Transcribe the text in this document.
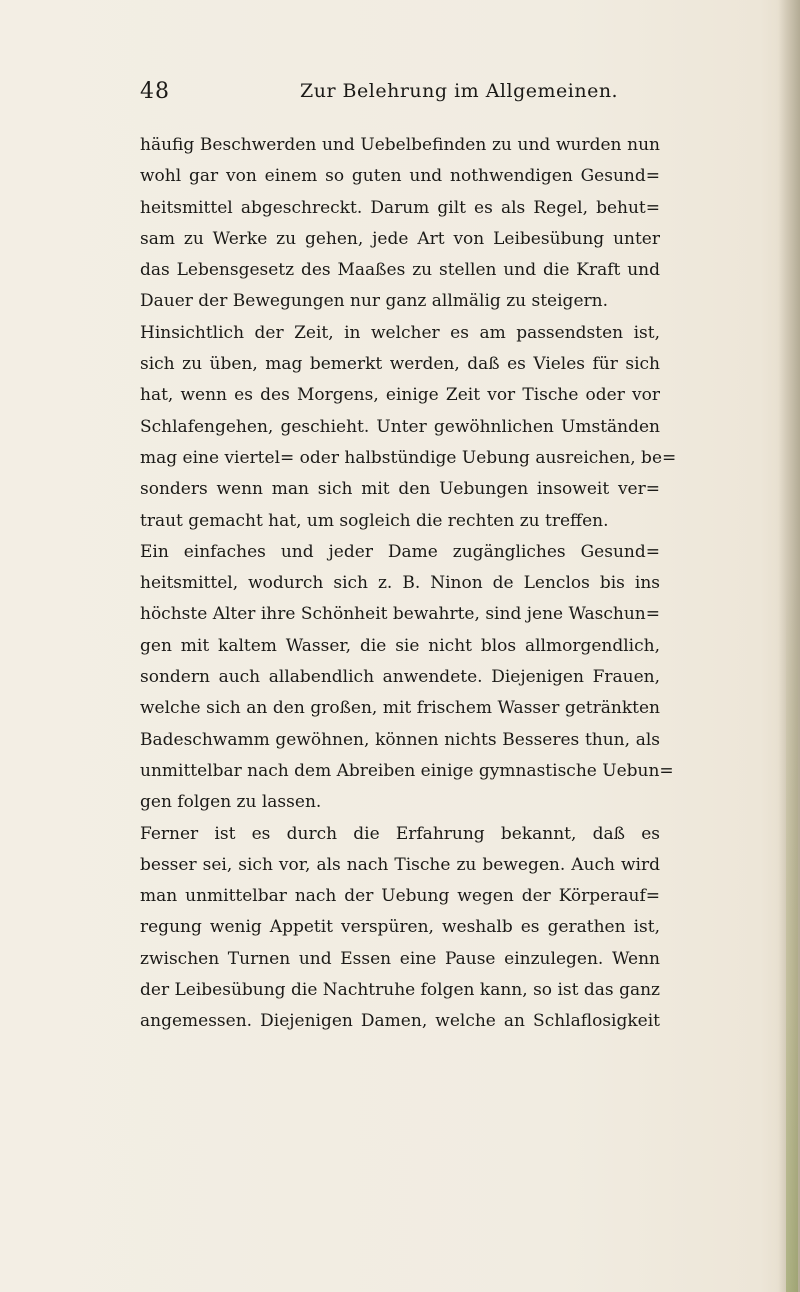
48	Zur Belehrung im Allgemeinen.
häufig Beschwerden und Uebelbefinden zu und wurden nun
wohl gar von einem so guten und nothwendigen Gesund=
heitsmittel abgeschreckt. Darum gilt es als Regel, behut=
sam zu Werke zu gehen, jede Art von Leibesübung unter
das Lebensgesetz des Maaßes zu stellen und die Kraft und
Dauer der Bewegungen nur ganz allmälig zu steigern.
Hinsichtlich der Zeit, in welcher es am passendsten ist,
sich zu üben, mag bemerkt werden, daß es Vieles für sich
hat, wenn es des Morgens, einige Zeit vor Tische oder vor
Schlafengehen, geschieht. Unter gewöhnlichen Umständen
mag eine viertel= oder halbstündige Uebung ausreichen, be=
sonders wenn man sich mit den Uebungen insoweit ver=
traut gemacht hat, um sogleich die rechten zu treffen.
Ein einfaches und jeder Dame zugängliches Gesund=
heitsmittel, wodurch sich z. B. Ninon de Lenclos bis ins
höchste Alter ihre Schönheit bewahrte, sind jene Waschun=
gen mit kaltem Wasser, die sie nicht blos allmorgendlich,
sondern auch allabendlich anwendete. Diejenigen Frauen,
welche sich an den großen, mit frischem Wasser getränkten
Badeschwamm gewöhnen, können nichts Besseres thun, als
unmittelbar nach dem Abreiben einige gymnastische Uebun=
gen folgen zu lassen.
Ferner ist es durch die Erfahrung bekannt, daß es
besser sei, sich vor, als nach Tische zu bewegen. Auch wird
man unmittelbar nach der Uebung wegen der Körperauf=
regung wenig Appetit verspüren, weshalb es gerathen ist,
zwischen Turnen und Essen eine Pause einzulegen. Wenn
der Leibesübung die Nachtruhe folgen kann, so ist das ganz
angemessen. Diejenigen Damen, welche an Schlaflosigkeit
